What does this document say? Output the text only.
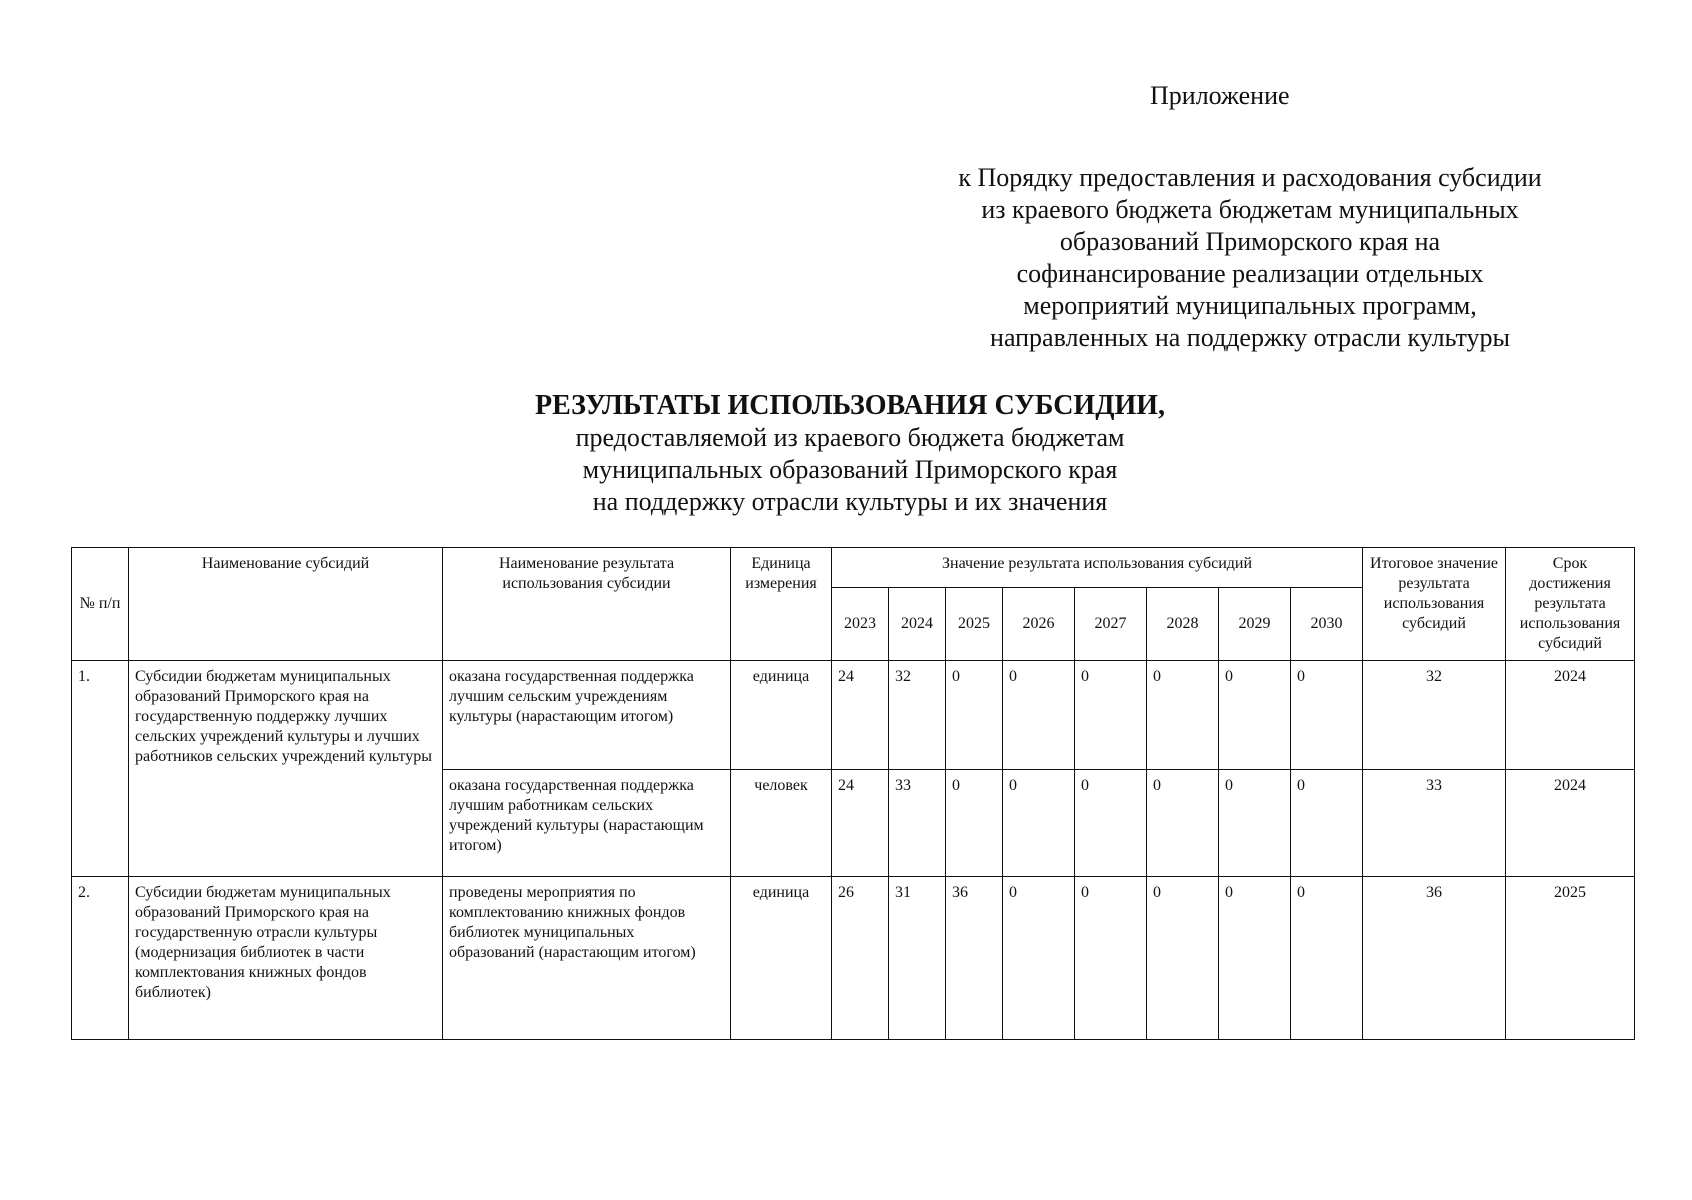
Приложение
к Порядку предоставления и расходования субсидии
из краевого бюджета бюджетам муниципальных
образований Приморского края на
софинансирование реализации отдельных
мероприятий муниципальных программ,
направленных на поддержку отрасли культуры
РЕЗУЛЬТАТЫ ИСПОЛЬЗОВАНИЯ СУБСИДИИ,
предоставляемой из краевого бюджета бюджетам
муниципальных образований Приморского края
на поддержку отрасли культуры и их значения
№ п/п	Наименование субсидий	Наименование результата использования субсидии	Единица измерения	Значение результата использования субсидий								Итоговое значение результата использования субсидий	Срок достижения результата использования субсидий
				2023	2024	2025	2026	2027	2028	2029	2030		
1.	Субсидии бюджетам муниципальных образований Приморского края на государственную поддержку лучших сельских учреждений культуры и лучших работников сельских учреждений культуры	оказана государственная поддержка лучшим сельским учреждениям культуры (нарастающим итогом)	единица	24	32	0	0	0	0	0	0	32	2024
		оказана государственная поддержка лучшим работникам сельских учреждений культуры (нарастающим итогом)	человек	24	33	0	0	0	0	0	0	33	2024
2.	Субсидии бюджетам муниципальных образований Приморского края на государственную отрасли культуры (модернизация библиотек в части комплектования книжных фондов библиотек)	проведены мероприятия по комплектованию книжных фондов библиотек муниципальных образований (нарастающим итогом)	единица	26	31	36	0	0	0	0	0	36	2025
